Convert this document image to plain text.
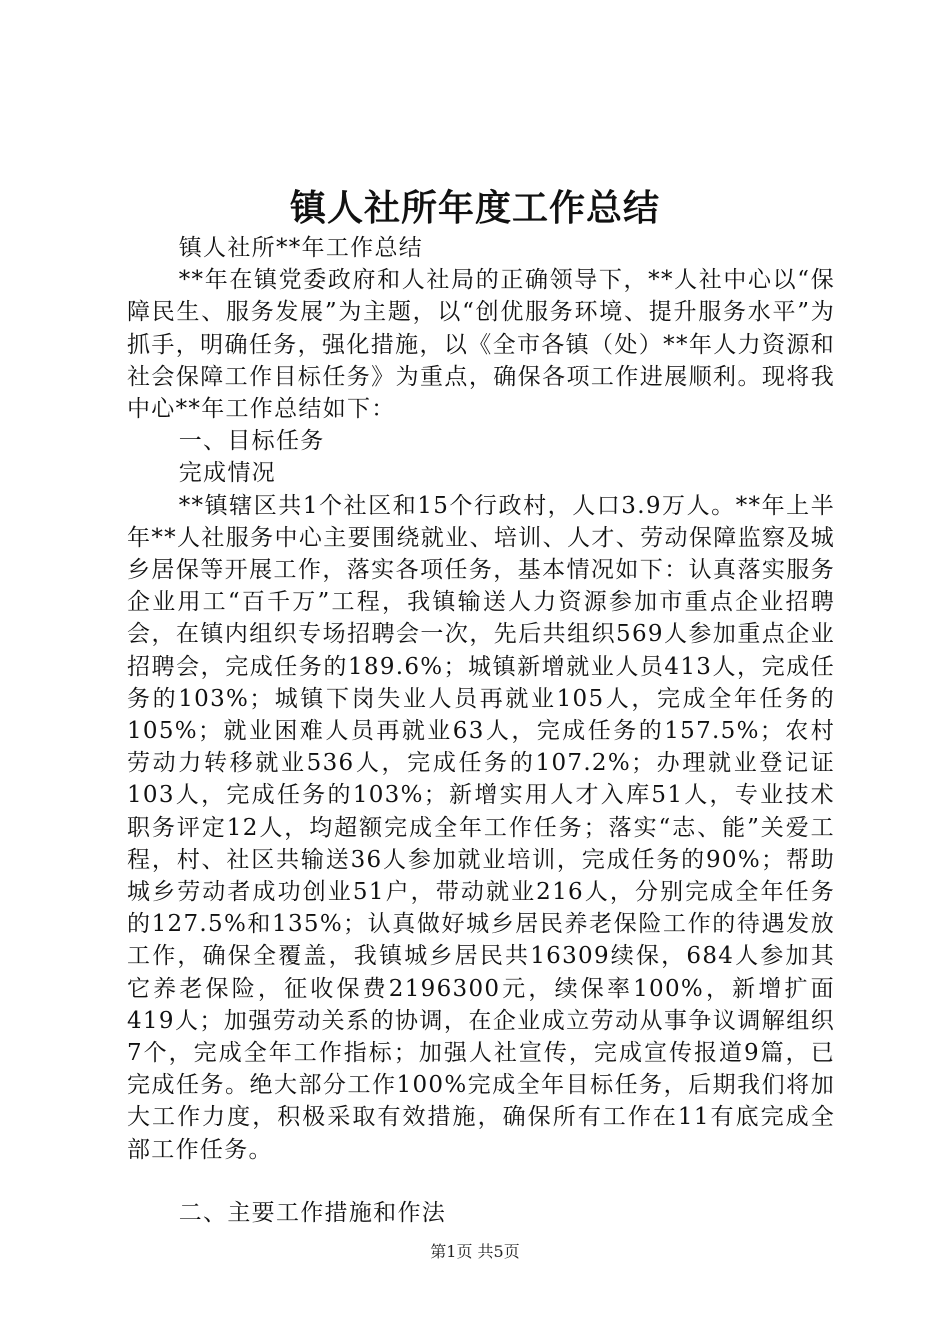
镇人社所年度工作总结

镇人社所**年工作总结

**年在镇党委政府和人社局的正确领导下，**人社中心以“保障民生、服务发展”为主题，以“创优服务环境、提升服务水平”为抓手，明确任务，强化措施，以《全市各镇（处）**年人力资源和社会保障工作目标任务》为重点，确保各项工作进展顺利。现将我中心**年工作总结如下：

一、目标任务

完成情况

**镇辖区共1个社区和15个行政村，人口3.9万人。**年上半年**人社服务中心主要围绕就业、培训、人才、劳动保障监察及城乡居保等开展工作，落实各项任务，基本情况如下：认真落实服务企业用工“百千万”工程，我镇输送人力资源参加市重点企业招聘会，在镇内组织专场招聘会一次，先后共组织569人参加重点企业招聘会，完成任务的189.6%；城镇新增就业人员413人，完成任务的103%；城镇下岗失业人员再就业105人，完成全年任务的105%；就业困难人员再就业63人，完成任务的157.5%；农村劳动力转移就业536人，完成任务的107.2%；办理就业登记证103人，完成任务的103%；新增实用人才入库51人，专业技术职务评定12人，均超额完成全年工作任务；落实“志、能”关爱工程，村、社区共输送36人参加就业培训，完成任务的90%；帮助城乡劳动者成功创业51户，带动就业216人，分别完成全年任务的127.5%和135%；认真做好城乡居民养老保险工作的待遇发放工作，确保全覆盖，我镇城乡居民共16309续保，684人参加其它养老保险，征收保费2196300元，续保率100%，新增扩面419人；加强劳动关系的协调，在企业成立劳动从事争议调解组织7个，完成全年工作指标；加强人社宣传，完成宣传报道9篇，已完成任务。绝大部分工作100%完成全年目标任务，后期我们将加大工作力度，积极采取有效措施，确保所有工作在11有底完成全部工作任务。

二、主要工作措施和作法

第1页 共5页
